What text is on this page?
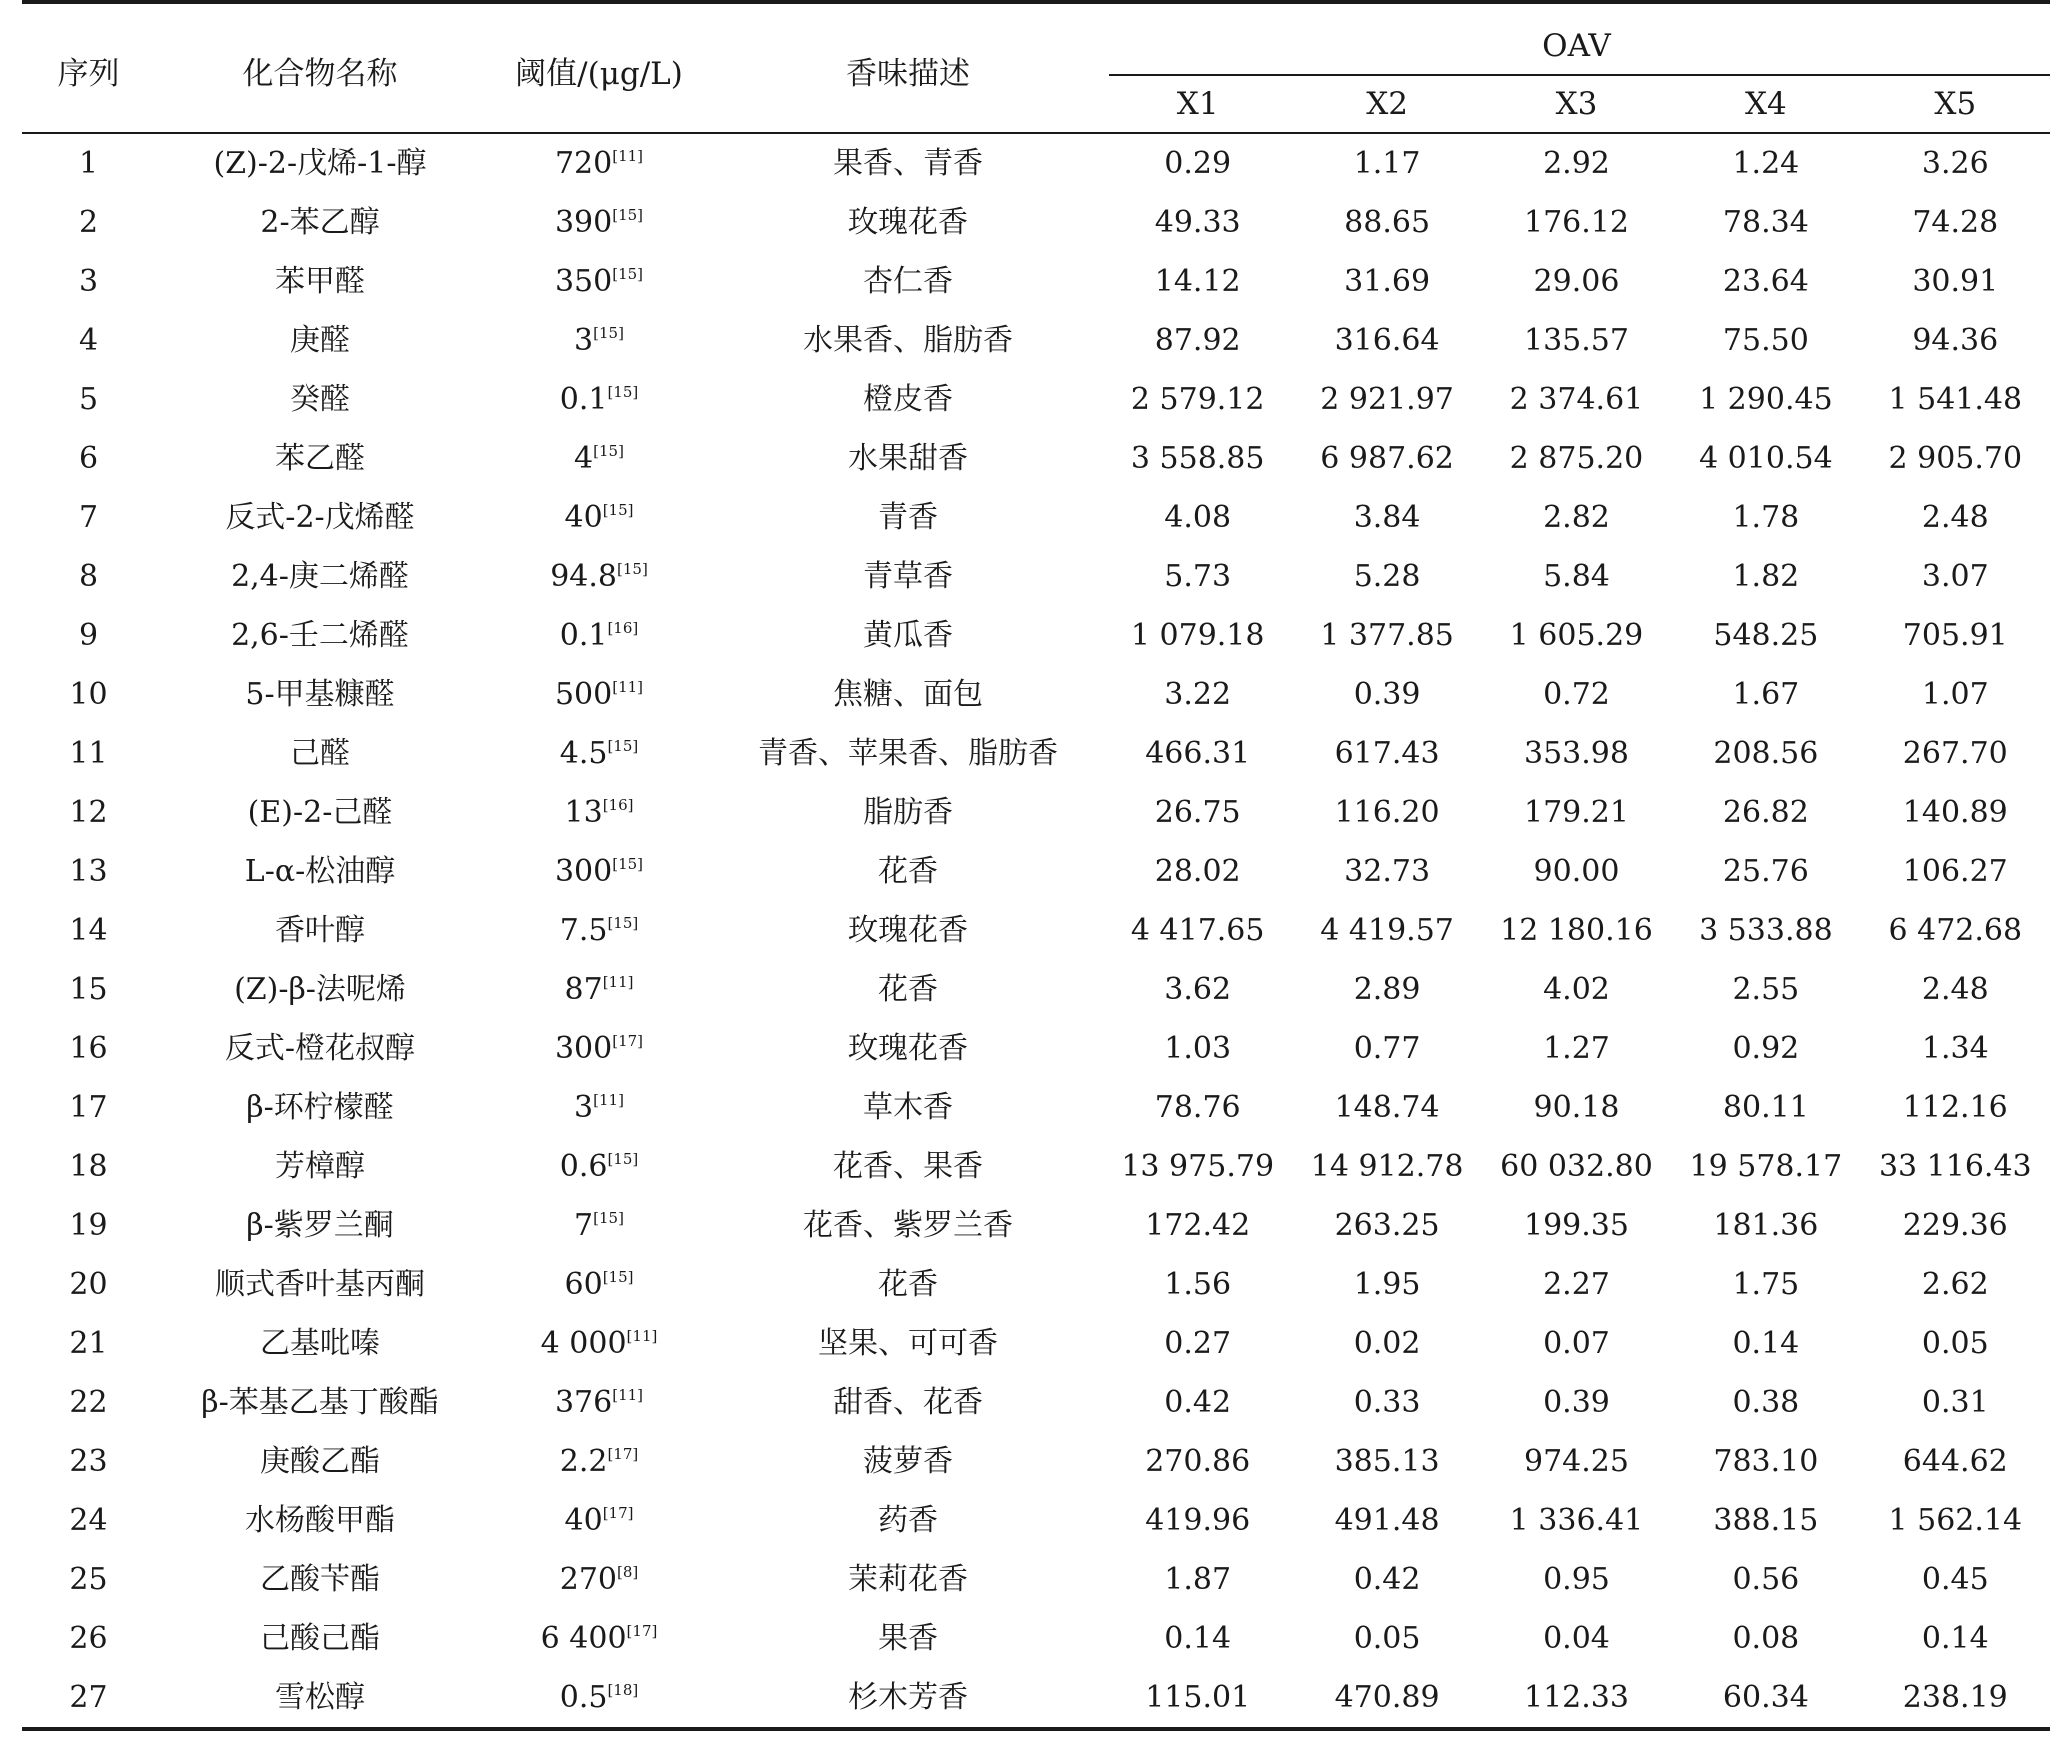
序列	化合物名称	阈值/(μg/L)	香味描述	OAV				

				X1	X2	X3	X4	X5
1	(Z)-2-戊烯-1-醇	720[11]	果香、青香	0.29	1.17	2.92	1.24	3.26
2	2-苯乙醇	390[15]	玫瑰花香	49.33	88.65	176.12	78.34	74.28
3	苯甲醛	350[15]	杏仁香	14.12	31.69	29.06	23.64	30.91
4	庚醛	3[15]	水果香、脂肪香	87.92	316.64	135.57	75.50	94.36
5	癸醛	0.1[15]	橙皮香	2 579.12	2 921.97	2 374.61	1 290.45	1 541.48
6	苯乙醛	4[15]	水果甜香	3 558.85	6 987.62	2 875.20	4 010.54	2 905.70
7	反式-2-戊烯醛	40[15]	青香	4.08	3.84	2.82	1.78	2.48
8	2,4-庚二烯醛	94.8[15]	青草香	5.73	5.28	5.84	1.82	3.07
9	2,6-壬二烯醛	0.1[16]	黄瓜香	1 079.18	1 377.85	1 605.29	548.25	705.91
10	5-甲基糠醛	500[11]	焦糖、面包	3.22	0.39	0.72	1.67	1.07
11	己醛	4.5[15]	青香、苹果香、脂肪香	466.31	617.43	353.98	208.56	267.70
12	(E)-2-己醛	13[16]	脂肪香	26.75	116.20	179.21	26.82	140.89
13	L-α-松油醇	300[15]	花香	28.02	32.73	90.00	25.76	106.27
14	香叶醇	7.5[15]	玫瑰花香	4 417.65	4 419.57	12 180.16	3 533.88	6 472.68
15	(Z)-β-法呢烯	87[11]	花香	3.62	2.89	4.02	2.55	2.48
16	反式-橙花叔醇	300[17]	玫瑰花香	1.03	0.77	1.27	0.92	1.34
17	β-环柠檬醛	3[11]	草木香	78.76	148.74	90.18	80.11	112.16
18	芳樟醇	0.6[15]	花香、果香	13 975.79	14 912.78	60 032.80	19 578.17	33 116.43
19	β-紫罗兰酮	7[15]	花香、紫罗兰香	172.42	263.25	199.35	181.36	229.36
20	顺式香叶基丙酮	60[15]	花香	1.56	1.95	2.27	1.75	2.62
21	乙基吡嗪	4 000[11]	坚果、可可香	0.27	0.02	0.07	0.14	0.05
22	β-苯基乙基丁酸酯	376[11]	甜香、花香	0.42	0.33	0.39	0.38	0.31
23	庚酸乙酯	2.2[17]	菠萝香	270.86	385.13	974.25	783.10	644.62
24	水杨酸甲酯	40[17]	药香	419.96	491.48	1 336.41	388.15	1 562.14
25	乙酸苄酯	270[8]	茉莉花香	1.87	0.42	0.95	0.56	0.45
26	己酸己酯	6 400[17]	果香	0.14	0.05	0.04	0.08	0.14
27	雪松醇	0.5[18]	杉木芳香	115.01	470.89	112.33	60.34	238.19
